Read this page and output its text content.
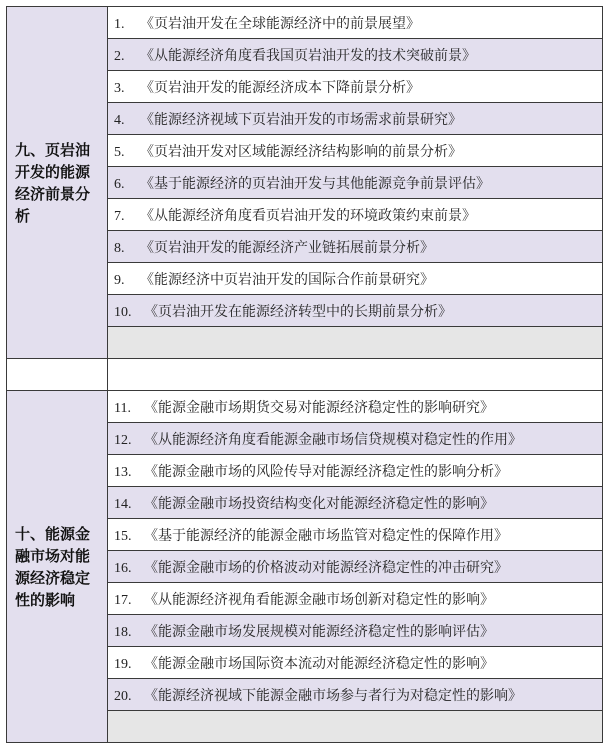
九、页岩油开发的能源经济前景分析	1. 《页岩油开发在全球能源经济中的前景展望》
	2. 《从能源经济角度看我国页岩油开发的技术突破前景》
	3. 《页岩油开发的能源经济成本下降前景分析》
	4. 《能源经济视域下页岩油开发的市场需求前景研究》
	5. 《页岩油开发对区域能源经济结构影响的前景分析》
	6. 《基于能源经济的页岩油开发与其他能源竞争前景评估》
	7. 《从能源经济角度看页岩油开发的环境政策约束前景》
	8. 《页岩油开发的能源经济产业链拓展前景分析》
	9. 《能源经济中页岩油开发的国际合作前景研究》
	10. 《页岩油开发在能源经济转型中的长期前景分析》

十、能源金融市场对能源经济稳定性的影响	11. 《能源金融市场期货交易对能源经济稳定性的影响研究》
	12. 《从能源经济角度看能源金融市场信贷规模对稳定性的作用》
	13. 《能源金融市场的风险传导对能源经济稳定性的影响分析》
	14. 《能源金融市场投资结构变化对能源经济稳定性的影响》
	15. 《基于能源经济的能源金融市场监管对稳定性的保障作用》
	16. 《能源金融市场的价格波动对能源经济稳定性的冲击研究》
	17. 《从能源经济视角看能源金融市场创新对稳定性的影响》
	18. 《能源金融市场发展规模对能源经济稳定性的影响评估》
	19. 《能源金融市场国际资本流动对能源经济稳定性的影响》
	20. 《能源经济视域下能源金融市场参与者行为对稳定性的影响》
